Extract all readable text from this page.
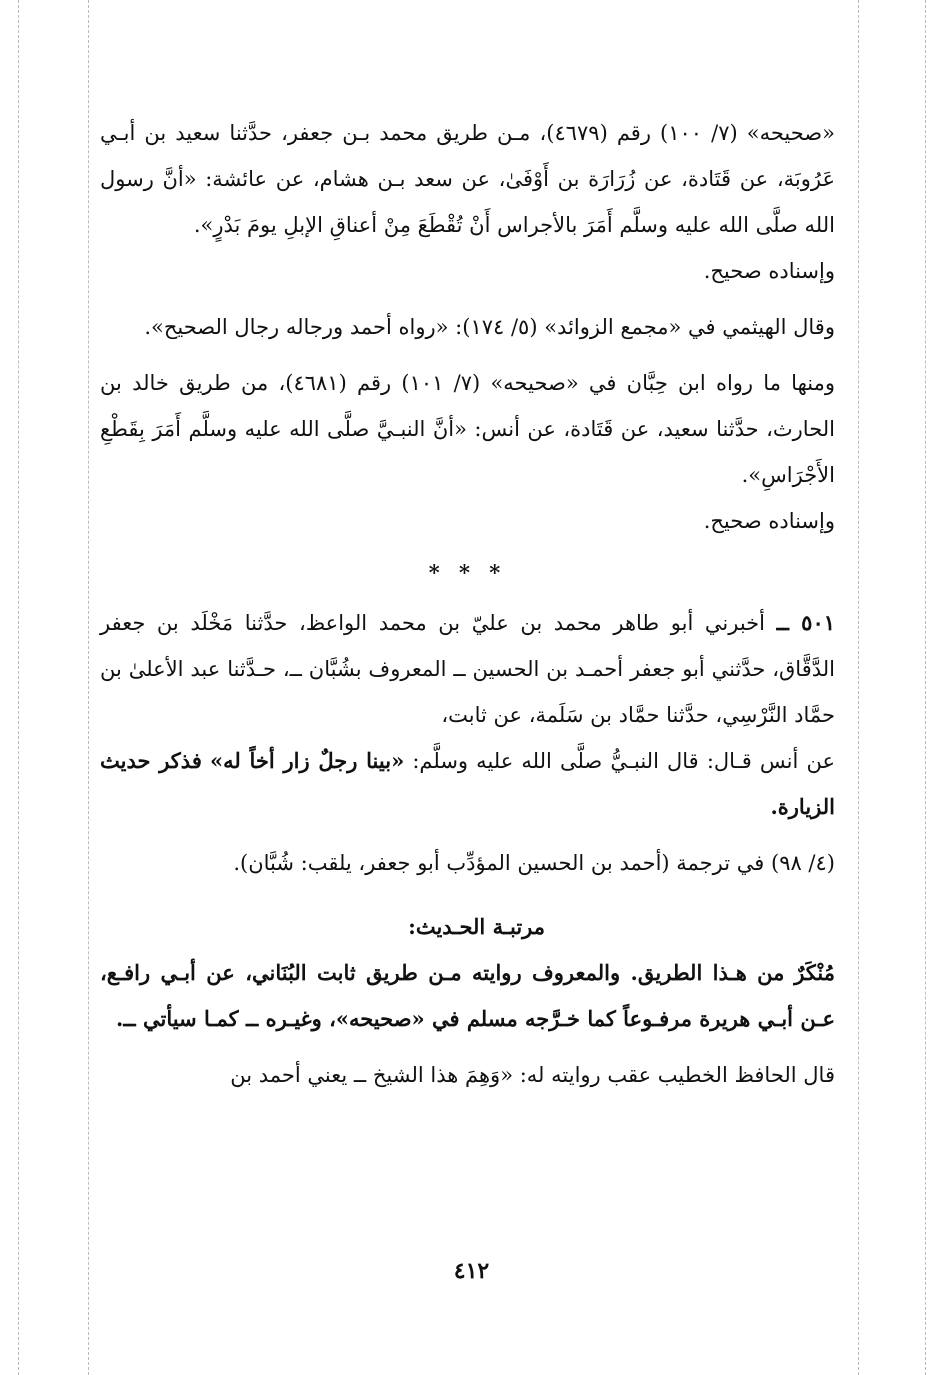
«صحيحه» (٧/ ١٠٠) رقم (٤٦٧٩)، مـن طريق محمد بـن جعفر، حدَّثنا سعيد بن أبـي عَرُوبَة، عن قَتَادة، عن زُرَارَة بن أَوْفَىٰ، عن سعد بـن هشام، عن عائشة: «أنَّ رسول الله صلَّى الله عليه وسلَّم أَمَرَ بالأجراس أَنْ تُقْطَعَ مِنْ أعناقِ الإبلِ يومَ بَدْرٍ».

وإسناده صحيح.

وقال الهيثمي في «مجمع الزوائد» (٥/ ١٧٤): «رواه أحمد ورجاله رجال الصحيح».

ومنها ما رواه ابن حِبَّان في «صحيحه» (٧/ ١٠١) رقم (٤٦٨١)، من طريق خالد بن الحارث، حدَّثنا سعيد، عن قَتَادة، عن أنس: «أنَّ النبـيَّ صلَّى الله عليه وسلَّم أَمَرَ بِقَطْعِ الأَجْرَاسِ».

وإسناده صحيح.

* * *

٥٠١ ــ أخبرني أبو طاهر محمد بن عليّ بن محمد الواعظ، حدَّثنا مَخْلَد بن جعفر الدَّقَّاق، حدَّثني أبو جعفر أحمـد بن الحسين ــ المعروف بشُبَّان ــ، حـدَّثنا عبد الأعلىٰ بن حمَّاد النَّرْسِي، حدَّثنا حمَّاد بن سَلَمة، عن ثابت،

عن أنس قـال: قال النبـيُّ صلَّى الله عليه وسلَّم: «بينا رجلٌ زار أخاً له» فذكر حديث الزيارة.

(٤/ ٩٨) في ترجمة (أحمد بن الحسين المؤدِّب أبو جعفر، يلقب: شُبَّان).

مرتبـة الحـديث:

مُنْكَرٌ من هـذا الطريق. والمعروف روايته مـن طريق ثابت البُنَاني، عن أبـي رافـع، عـن أبـي هريرة مرفـوعاً كما خـرَّجه مسلم في «صحيحه»، وغيـره ــ كمـا سيأتي ــ.

قال الحافظ الخطيب عقب روايته له: «وَهِمَ هذا الشيخ ــ يعني أحمد بن

٤١٢
